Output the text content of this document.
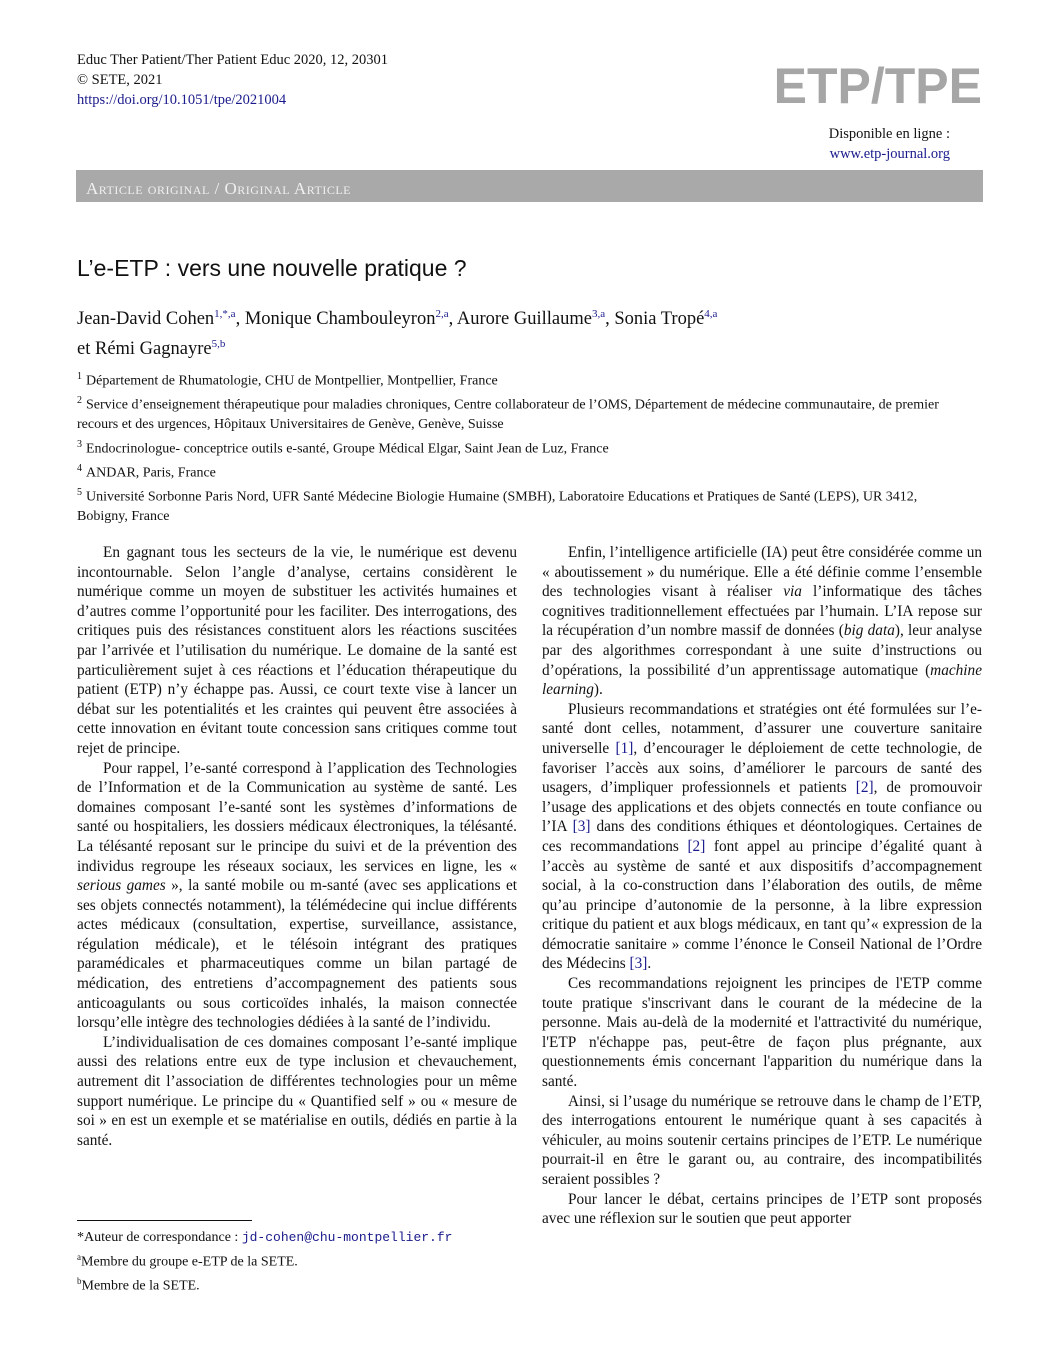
Educ Ther Patient/Ther Patient Educ 2020, 12, 20301
© SETE, 2021
https://doi.org/10.1051/tpe/2021004	ETP/TPE
Disponible en ligne :
www.etp-journal.org
Article original / Original Article
L’e-ETP : vers une nouvelle pratique ?
Jean-David Cohen$^{1,*,a}$, Monique Chambouleyron$^{2,a}$, Aurore Guillaume$^{3,a}$, Sonia Tropé$^{4,a}$
et Rémi Gagnayre$^{5,b}$
$^1$ Département de Rhumatologie, CHU de Montpellier, Montpellier, France
$^2$ Service d’enseignement thérapeutique pour maladies chroniques, Centre collaborateur de l’OMS, Département de médecine communautaire, de premier recours et des urgences, Hôpitaux Universitaires de Genève, Genève, Suisse
$^3$ Endocrinologue- conceptrice outils e-santé, Groupe Médical Elgar, Saint Jean de Luz, France
$^4$ ANDAR, Paris, France
$^5$ Université Sorbonne Paris Nord, UFR Santé Médecine Biologie Humaine (SMBH), Laboratoire Educations et Pratiques de Santé (LEPS), UR 3412, Bobigny, France

En gagnant tous les secteurs de la vie, le numérique est devenu incontournable. Selon l’angle d’analyse, certains considèrent le numérique comme un moyen de substituer les activités humaines et d’autres comme l’opportunité pour les faciliter. Des interrogations, des critiques puis des résistances constituent alors les réactions suscitées par l’arrivée et l’utilisation du numérique. Le domaine de la santé est particulièrement sujet à ces réactions et l’éducation thérapeutique du patient (ETP) n’y échappe pas. Aussi, ce court texte vise à lancer un débat sur les potentialités et les craintes qui peuvent être associées à cette innovation en évitant toute concession sans critiques comme tout rejet de principe.

Pour rappel, l’e-santé correspond à l’application des Technologies de l’Information et de la Communication au système de santé. Les domaines composant l’e-santé sont les systèmes d’informations de santé ou hospitaliers, les dossiers médicaux électroniques, la télésanté. La télésanté reposant sur le principe du suivi et de la prévention des individus regroupe les réseaux sociaux, les services en ligne, les « serious games », la santé mobile ou m-santé (avec ses applications et ses objets connectés notamment), la télémédecine qui inclue différents actes médicaux (consultation, expertise, surveillance, assistance, régulation médicale), et le télésoin intégrant des pratiques paramédicales et pharmaceutiques comme un bilan partagé de médication, des entretiens d’accompagnement des patients sous anticoagulants ou sous corticoïdes inhalés, la maison connectée lorsqu’elle intègre des technologies dédiées à la santé de l’individu.

L’individualisation de ces domaines composant l’e-santé implique aussi des relations entre eux de type inclusion et chevauchement, autrement dit l’association de différentes technologies pour un même support numérique. Le principe du « Quantified self » ou « mesure de soi » en est un exemple et se matérialise en outils, dédiés en partie à la santé.

Enfin, l’intelligence artificielle (IA) peut être considérée comme un « aboutissement » du numérique. Elle a été définie comme l’ensemble des technologies visant à réaliser via l’informatique des tâches cognitives traditionnellement effectuées par l’humain. L’IA repose sur la récupération d’un nombre massif de données (big data), leur analyse par des algorithmes correspondant à une suite d’instructions ou d’opérations, la possibilité d’un apprentissage automatique (machine learning).

Plusieurs recommandations et stratégies ont été formulées sur l’e-santé dont celles, notamment, d’assurer une couverture sanitaire universelle [1], d’encourager le déploiement de cette technologie, de favoriser l’accès aux soins, d’améliorer le parcours de santé des usagers, d’impliquer professionnels et patients [2], de promouvoir l’usage des applications et des objets connectés en toute confiance ou l’IA [3] dans des conditions éthiques et déontologiques. Certaines de ces recommandations [2] font appel au principe d’égalité quant à l’accès au système de santé et aux dispositifs d’accompagnement social, à la co-construction dans l’élaboration des outils, de même qu’au principe d’autonomie de la personne, à la libre expression critique du patient et aux blogs médicaux, en tant qu’« expression de la démocratie sanitaire » comme l’énonce le Conseil National de l’Ordre des Médecins [3].

Ces recommandations rejoignent les principes de l'ETP comme toute pratique s'inscrivant dans le courant de la médecine de la personne. Mais au-delà de la modernité et l'attractivité du numérique, l'ETP n'échappe pas, peut-être de façon plus prégnante, aux questionnements émis concernant l'apparition du numérique dans la santé.

Ainsi, si l’usage du numérique se retrouve dans le champ de l’ETP, des interrogations entourent le numérique quant à ses capacités à véhiculer, au moins soutenir certains principes de l’ETP. Le numérique pourrait-il en être le garant ou, au contraire, des incompatibilités seraient possibles ?

Pour lancer le débat, certains principes de l’ETP sont proposés avec une réflexion sur le soutien que peut apporter

*Auteur de correspondance : jd-cohen@chu-montpellier.fr
$^a$Membre du groupe e-ETP de la SETE.
$^b$Membre de la SETE.
